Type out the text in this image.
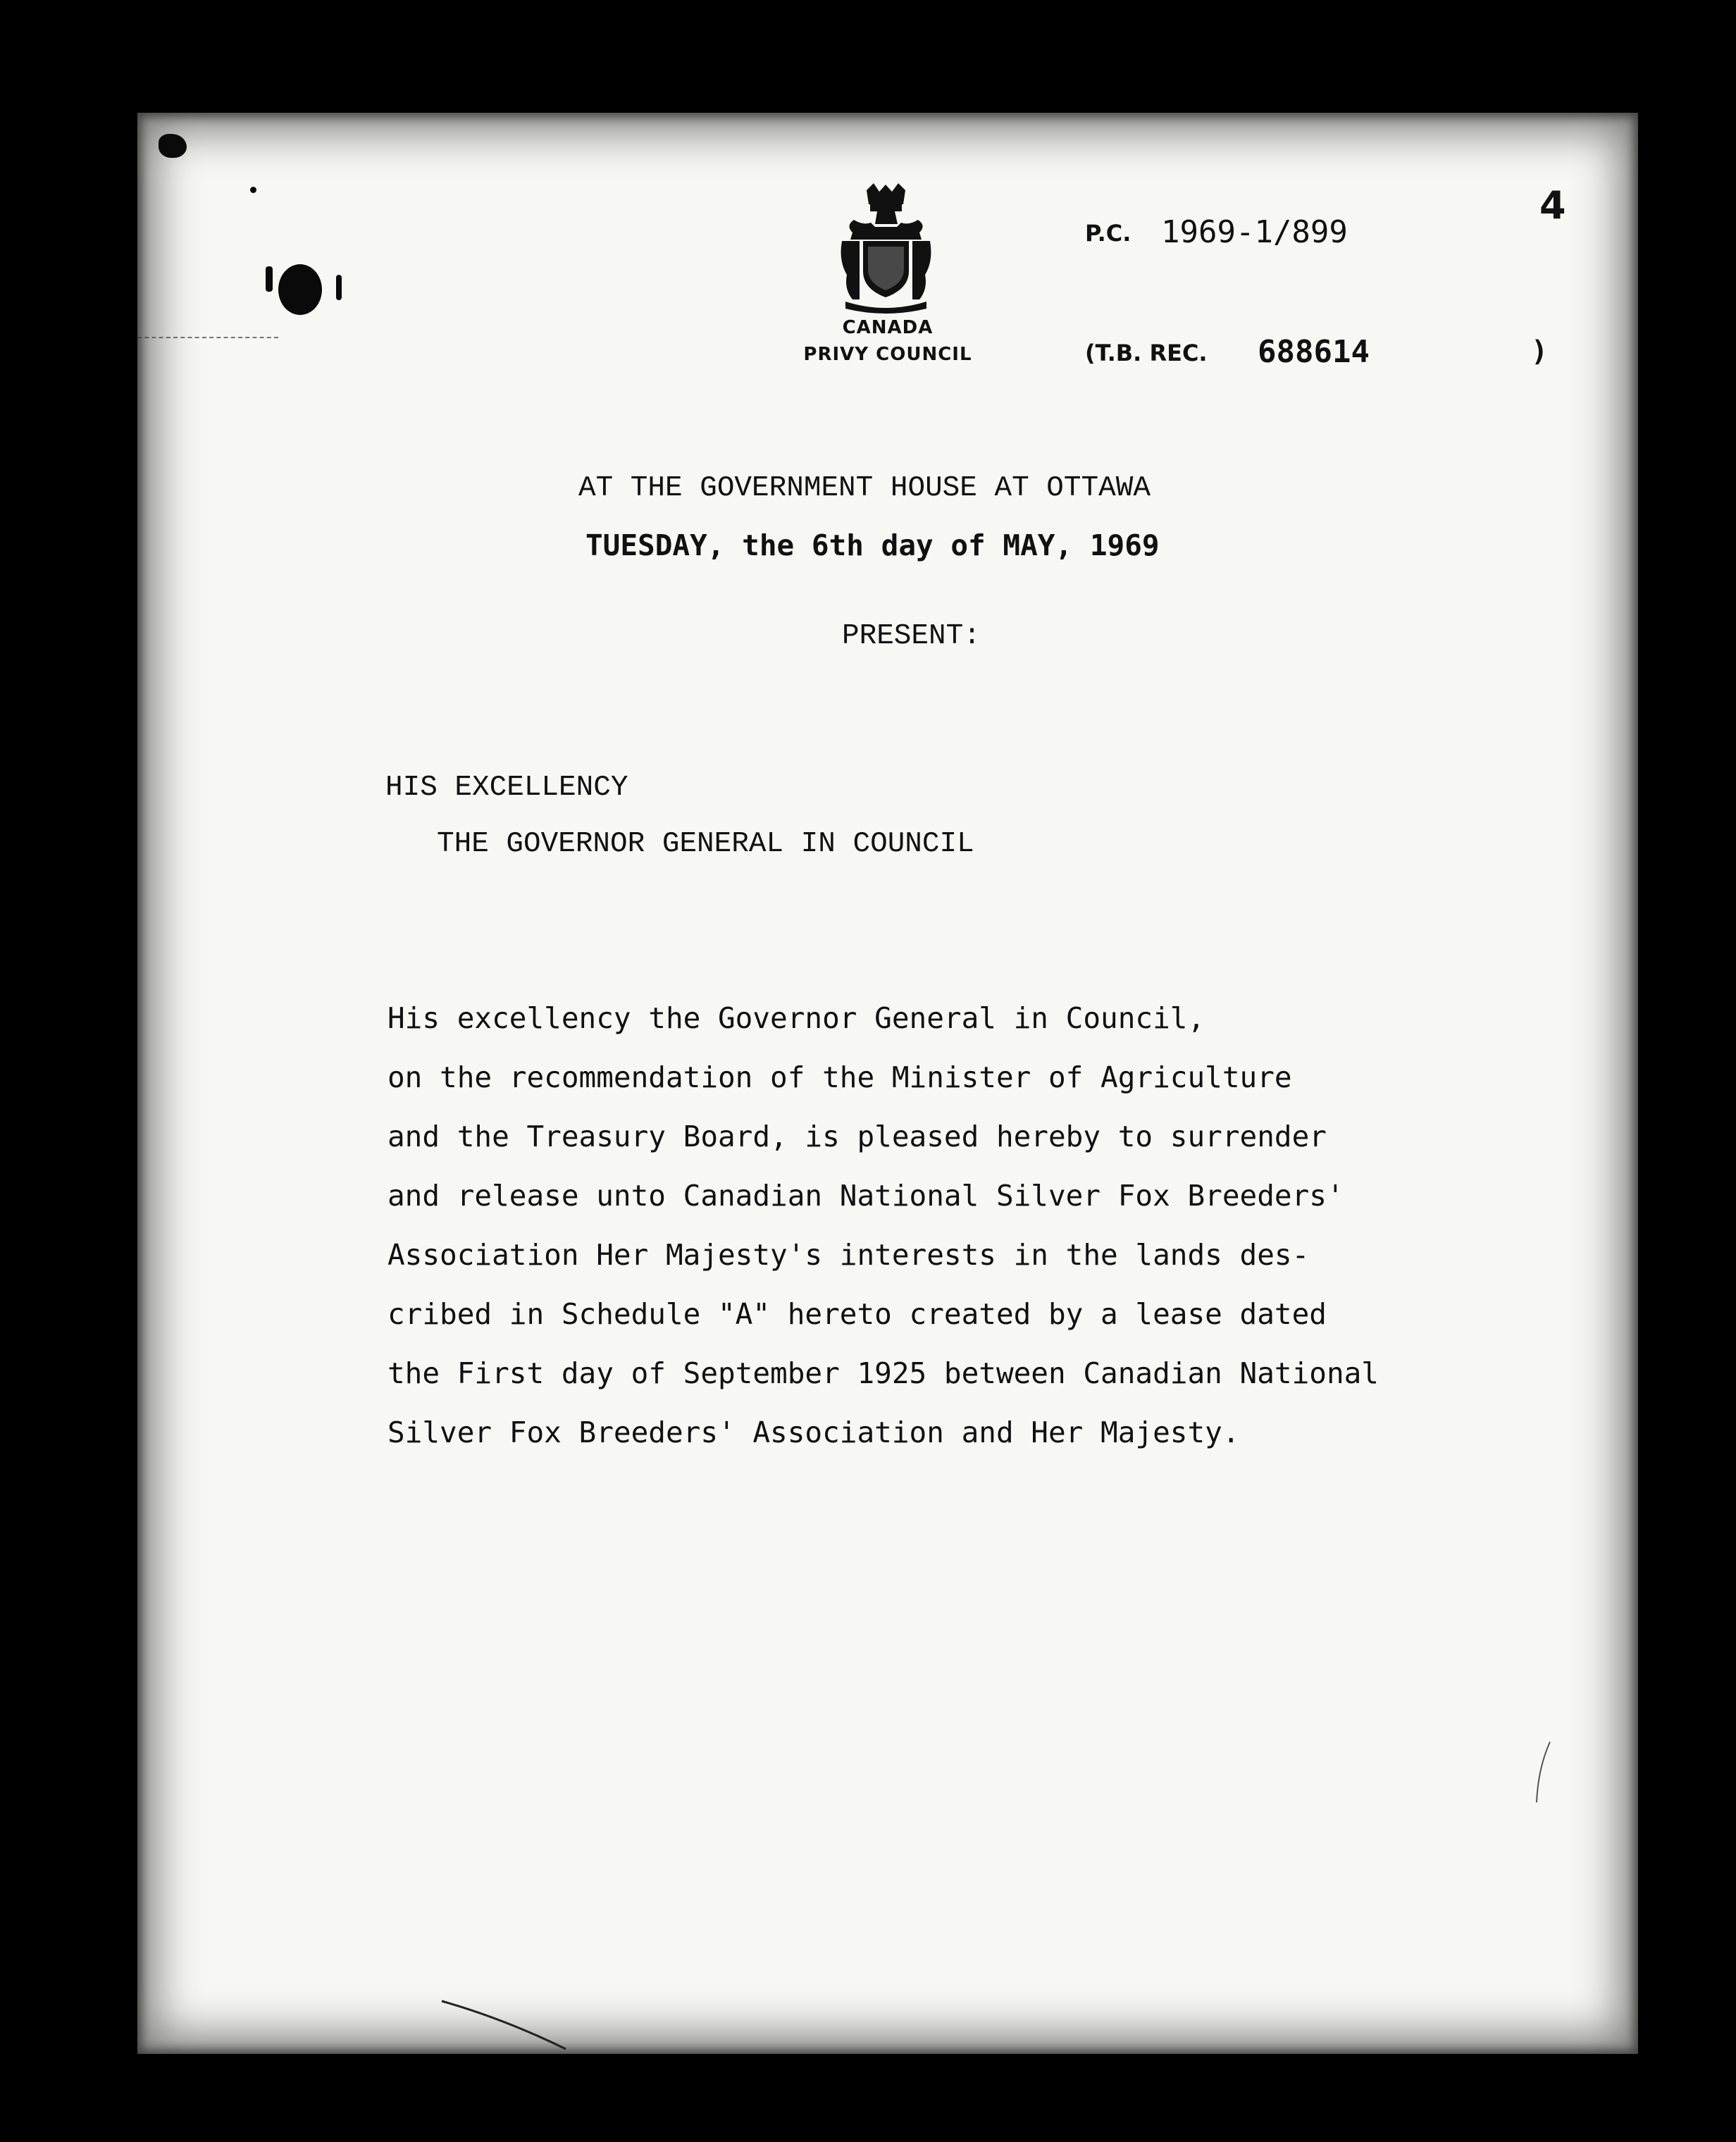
CANADA

PRIVY COUNCIL

P.C. 1969-1/899

(T.B. REC. 688614	)

4

AT THE GOVERNMENT HOUSE AT OTTAWA

TUESDAY, the 6th day of MAY, 1969

PRESENT:

HIS EXCELLENCY

THE GOVERNOR GENERAL IN COUNCIL

His excellency the Governor General in Council,

on the recommendation of the Minister of Agriculture

and the Treasury Board, is pleased hereby to surrender

and release unto Canadian National Silver Fox Breeders'

Association Her Majesty's interests in the lands des-

cribed in Schedule "A" hereto created by a lease dated

the First day of September 1925 between Canadian National

Silver Fox Breeders' Association and Her Majesty.
